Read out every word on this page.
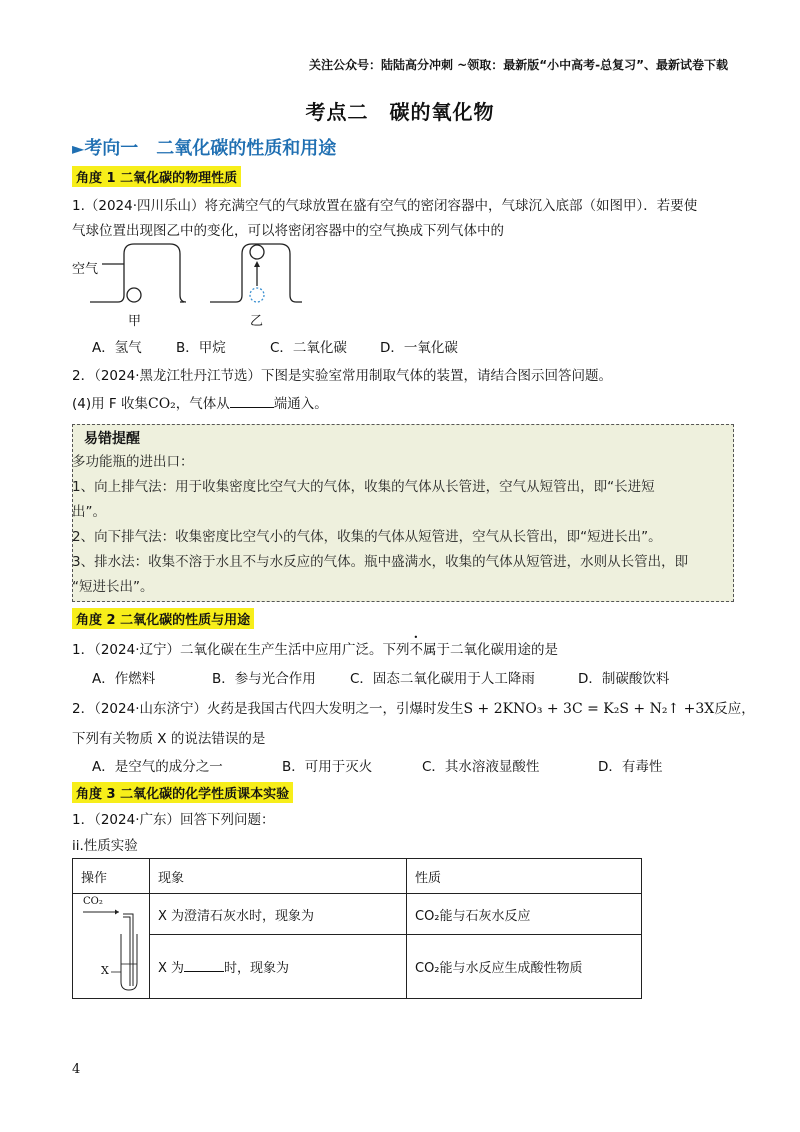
关注公众号：陆陆高分冲刺 ~领取：最新版“小中高考-总复习”、最新试卷下载
考点二　碳的氧化物
►考向一　二氧化碳的性质和用途
角度 1 二氧化碳的物理性质
1.（2024·四川乐山）将充满空气的气球放置在盛有空气的密闭容器中，气球沉入底部（如图甲）．若要使
气球位置出现图乙中的变化，可以将密闭容器中的空气换成下列气体中的
空气
甲	乙
A．氢气	B．甲烷	C．二氧化碳 D．一氧化碳
2．（2024·黑龙江牡丹江节选）下图是实验室常用制取气体的装置，请结合图示回答问题。
(4)用 F 收集CO₂，气体从	端通入。
易错提醒
多功能瓶的进出口：
1、向上排气法：用于收集密度比空气大的气体，收集的气体从长管进，空气从短管出，即“长进短
出”。
2、向下排气法：收集密度比空气小的气体，收集的气体从短管进，空气从长管出，即“短进长出”。
3、排水法：收集不溶于水且不与水反应的气体。瓶中盛满水，收集的气体从短管进，水则从长管出，即
“短进长出”。
角度 2 二氧化碳的性质与用途
1．（2024·辽宁）二氧化碳在生产生活中应用广泛。下列不属于二氧化碳用途的是
A．作燃料	B．参与光合作用	C．固态二氧化碳用于人工降雨	D．制碳酸饮料
2．（2024·山东济宁）火药是我国古代四大发明之一，引爆时发生S + 2KNO₃ + 3C = K₂S + N₂↑ +3X反应，
下列有关物质 X 的说法错误的是
A．是空气的成分之一	B．可用于灭火	C．其水溶液显酸性	D．有毒性
角度 3 二氧化碳的化学性质课本实验
1．（2024·广东）回答下列问题：
ii.性质实验
操作	现象	性质

CO₂
X	X 为澄清石灰水时，现象为	CO₂能与石灰水反应
	X 为 时，现象为	CO₂能与水反应生成酸性物质
4
